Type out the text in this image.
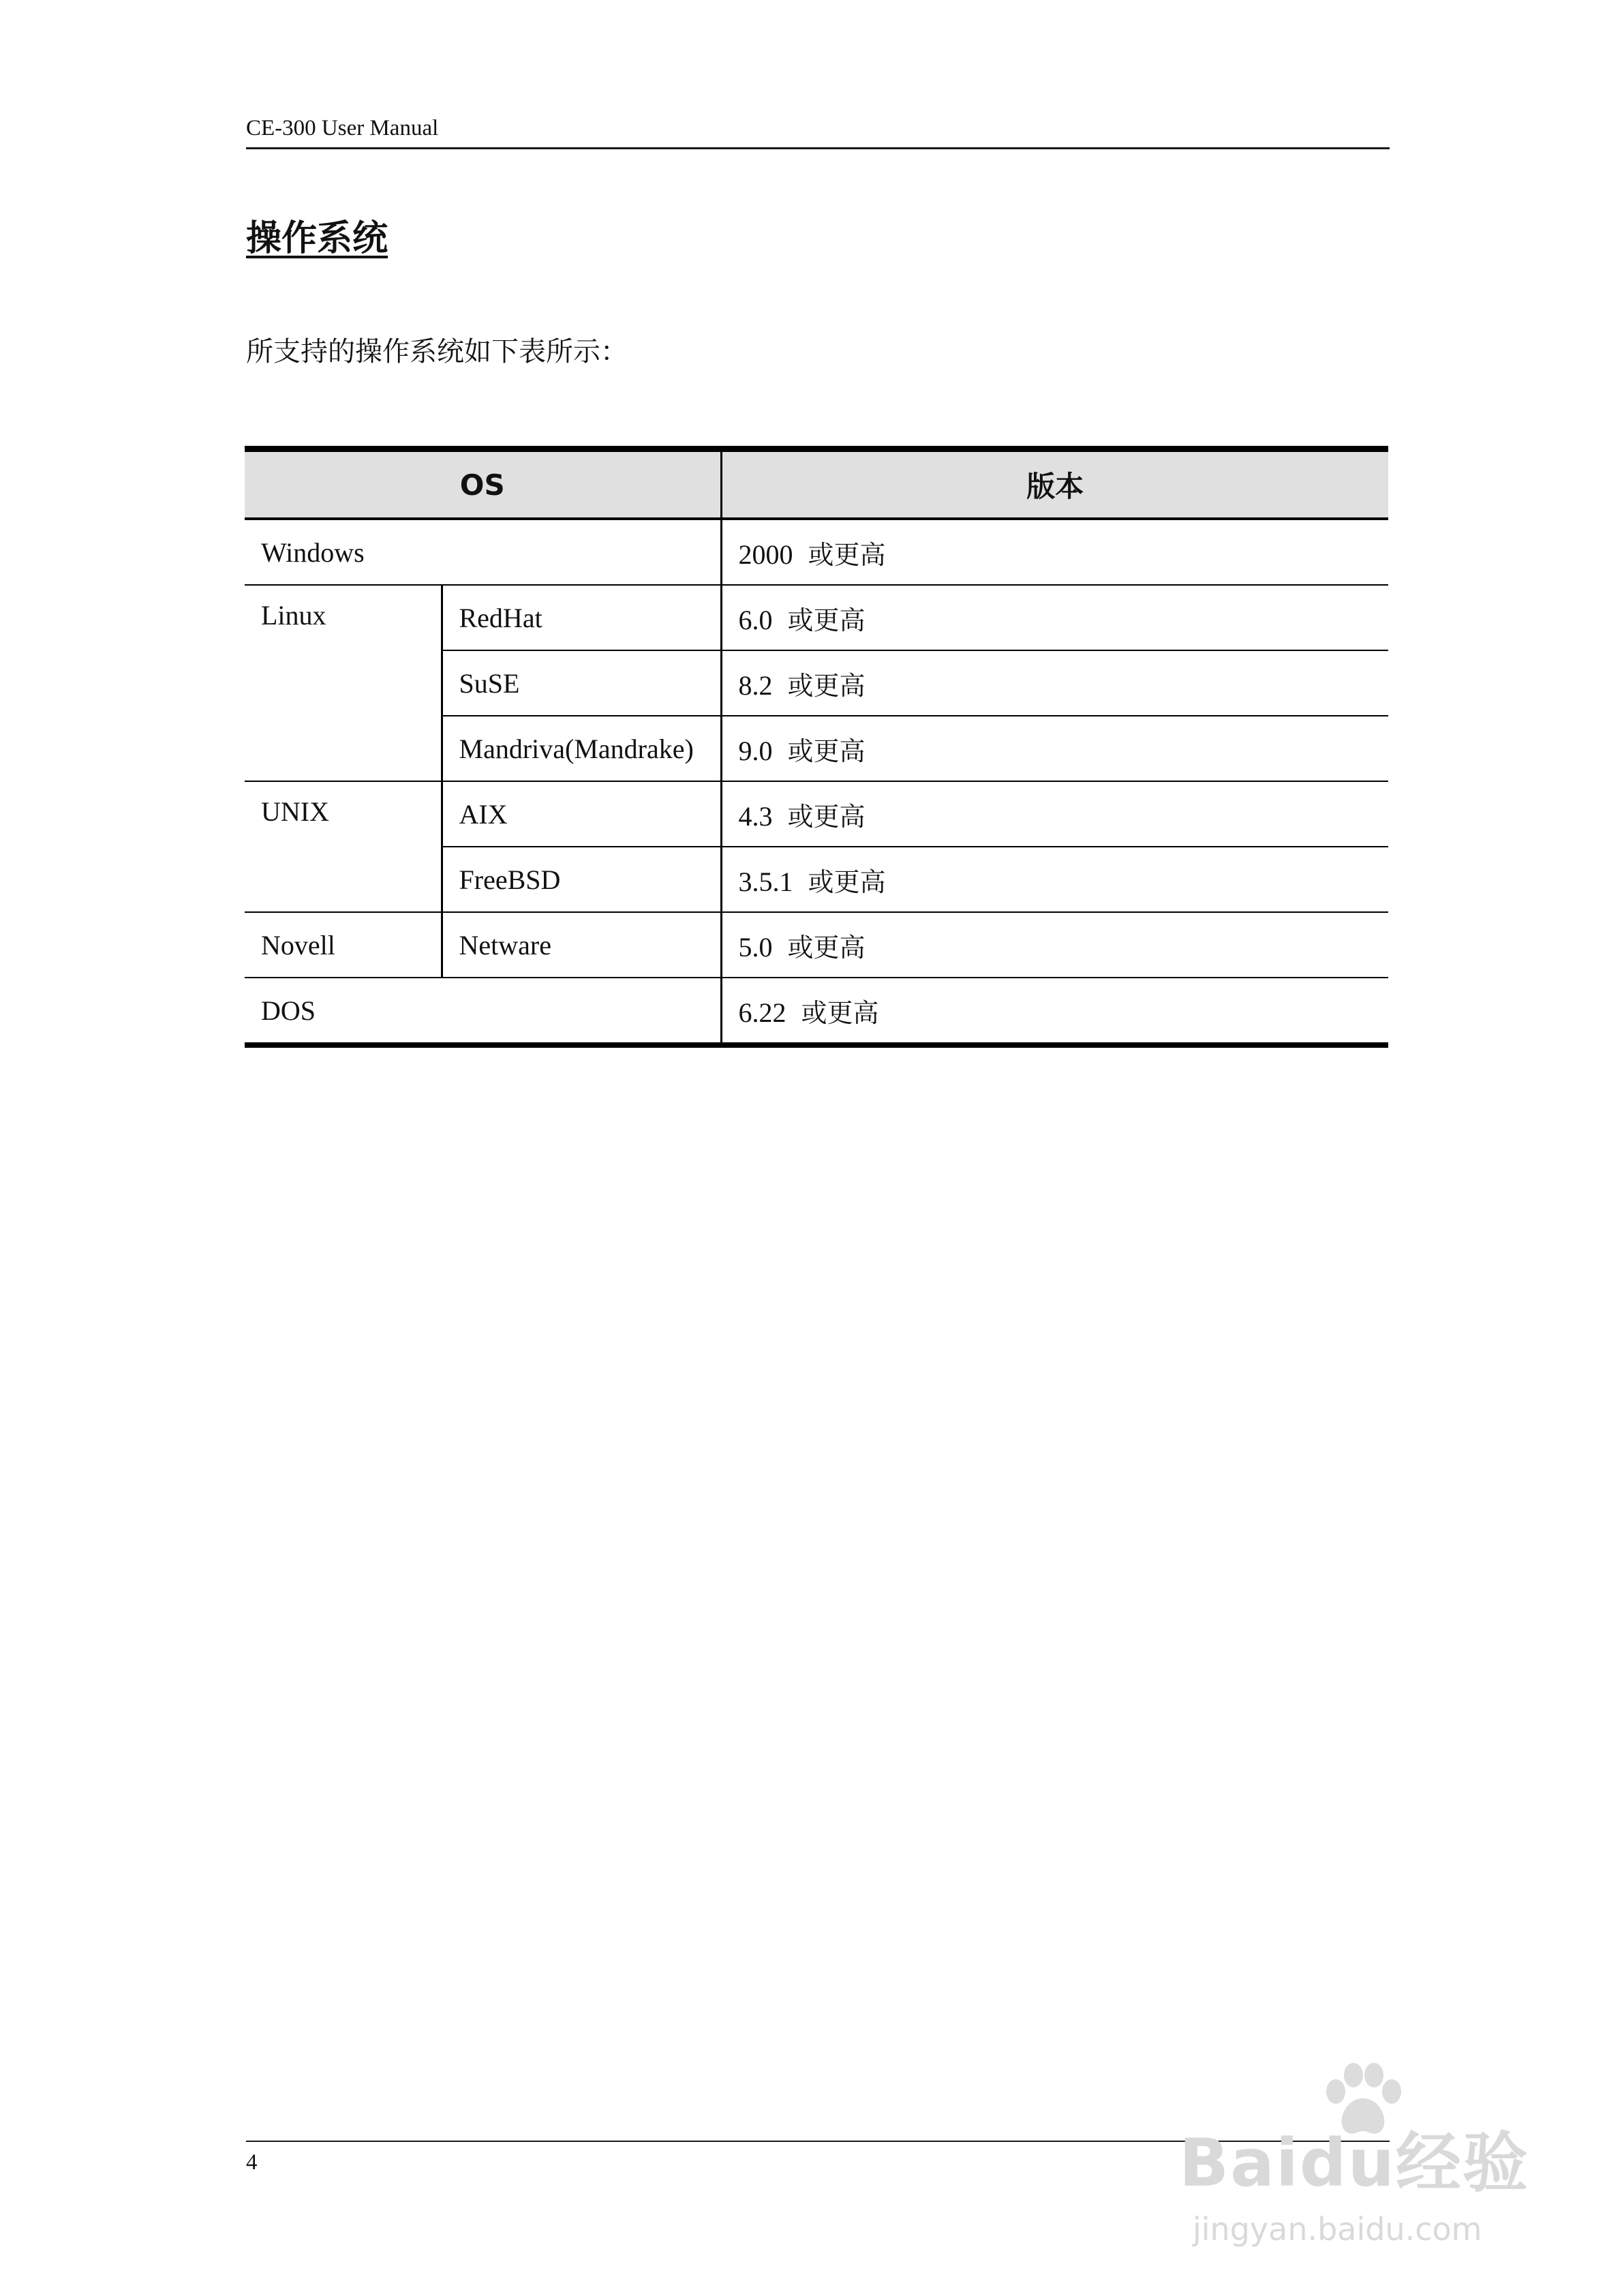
CE-300 User Manual
操作系统
所支持的操作系统如下表所示：
OS		版本
Windows		2000 或更高
Linux	RedHat	6.0 或更高
	SuSE	8.2 或更高
	Mandriva(Mandrake)	9.0 或更高
UNIX	AIX	4.3 或更高
	FreeBSD	3.5.1 或更高
Novell	Netware	5.0 或更高
DOS		6.22 或更高
4	Baidu经验
jingyan.baidu.com
